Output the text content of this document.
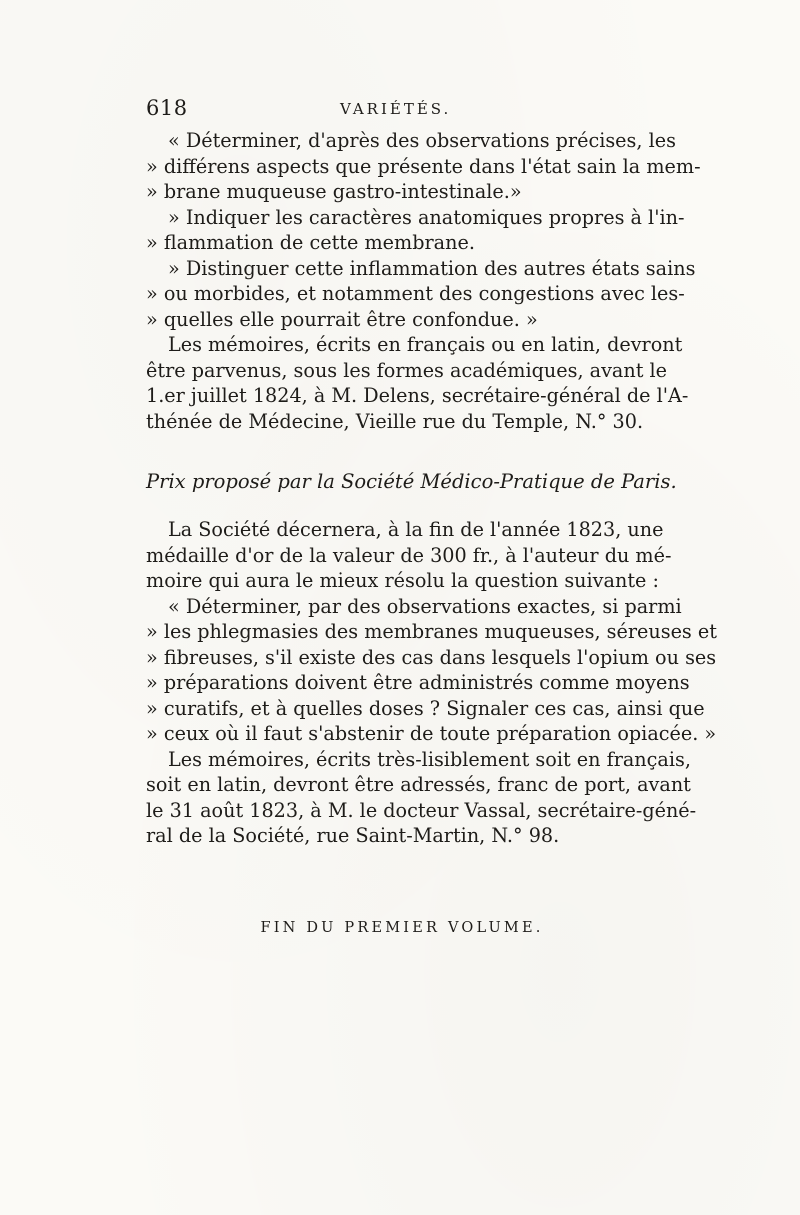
618	VARIÉTÉS.
« Déterminer, d'après des observations précises, les
» différens aspects que présente dans l'état sain la mem-
» brane muqueuse gastro-intestinale.»
» Indiquer les caractères anatomiques propres à l'in-
» flammation de cette membrane.
» Distinguer cette inflammation des autres états sains
» ou morbides, et notamment des congestions avec les-
» quelles elle pourrait être confondue. »
Les mémoires, écrits en français ou en latin, devront
être parvenus, sous les formes académiques, avant le
1.er juillet 1824, à M. Delens, secrétaire-général de l'A-
thénée de Médecine, Vieille rue du Temple, N.° 30.
Prix proposé par la Société Médico-Pratique de Paris.
La Société décernera, à la fin de l'année 1823, une
médaille d'or de la valeur de 300 fr., à l'auteur du mé-
moire qui aura le mieux résolu la question suivante :
« Déterminer, par des observations exactes, si parmi
» les phlegmasies des membranes muqueuses, séreuses et
» fibreuses, s'il existe des cas dans lesquels l'opium ou ses
» préparations doivent être administrés comme moyens
» curatifs, et à quelles doses ? Signaler ces cas, ainsi que
» ceux où il faut s'abstenir de toute préparation opiacée. »
Les mémoires, écrits très-lisiblement soit en français,
soit en latin, devront être adressés, franc de port, avant
le 31 août 1823, à M. le docteur Vassal, secrétaire-géné-
ral de la Société, rue Saint-Martin, N.° 98.
FIN DU PREMIER VOLUME.
